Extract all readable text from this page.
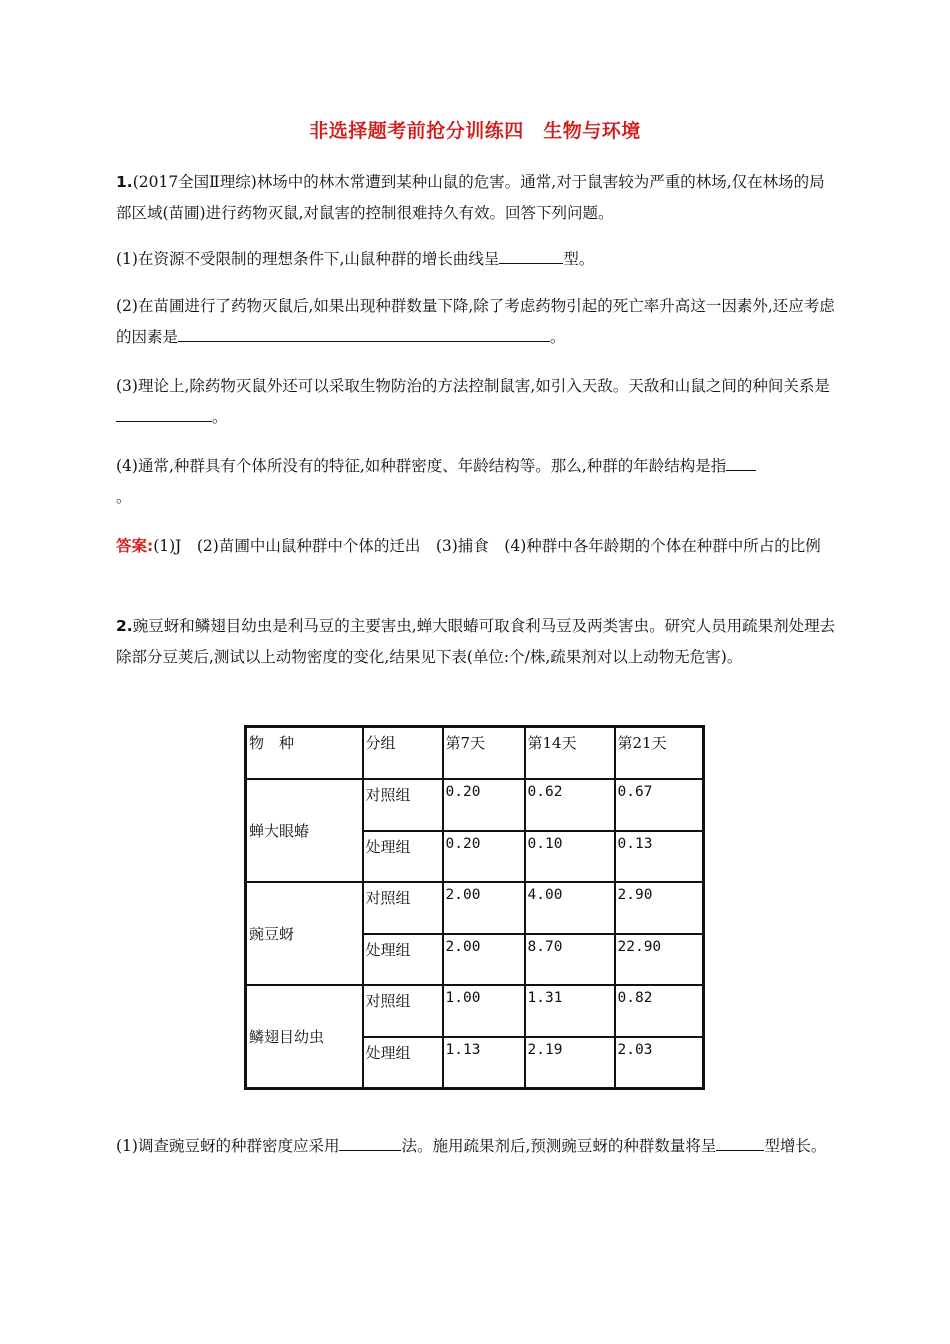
非选择题考前抢分训练四　生物与环境

1.(2017全国Ⅱ理综)林场中的林木常遭到某种山鼠的危害。通常,对于鼠害较为严重的林场,仅在林场的局部区域(苗圃)进行药物灭鼠,对鼠害的控制很难持久有效。回答下列问题。

(1)在资源不受限制的理想条件下,山鼠种群的增长曲线呈	型。

(2)在苗圃进行了药物灭鼠后,如果出现种群数量下降,除了考虑药物引起的死亡率升高这一因素外,还应考虑的因素是	。

(3)理论上,除药物灭鼠外还可以采取生物防治的方法控制鼠害,如引入天敌。天敌和山鼠之间的种间关系是。

(4)通常,种群具有个体所没有的特征,如种群密度、年龄结构等。那么,种群的年龄结构是指
。

答案:(1)J　(2)苗圃中山鼠种群中个体的迁出　(3)捕食　(4)种群中各年龄期的个体在种群中所占的比例

2.豌豆蚜和鳞翅目幼虫是利马豆的主要害虫,蝉大眼蝽可取食利马豆及两类害虫。研究人员用疏果剂处理去除部分豆荚后,测试以上动物密度的变化,结果见下表(单位:个/株,疏果剂对以上动物无危害)。

物　种	分组	第7天	第14天	第21天
蝉大眼蝽	对照组	0.20	0.62	0.67
	处理组	0.20	0.10	0.13
豌豆蚜	对照组	2.00	4.00	2.90
	处理组	2.00	8.70	22.90
鳞翅目幼虫	对照组	1.00	1.31	0.82
	处理组	1.13	2.19	2.03

(1)调查豌豆蚜的种群密度应采用	法。施用疏果剂后,预测豌豆蚜的种群数量将呈	型增长。
